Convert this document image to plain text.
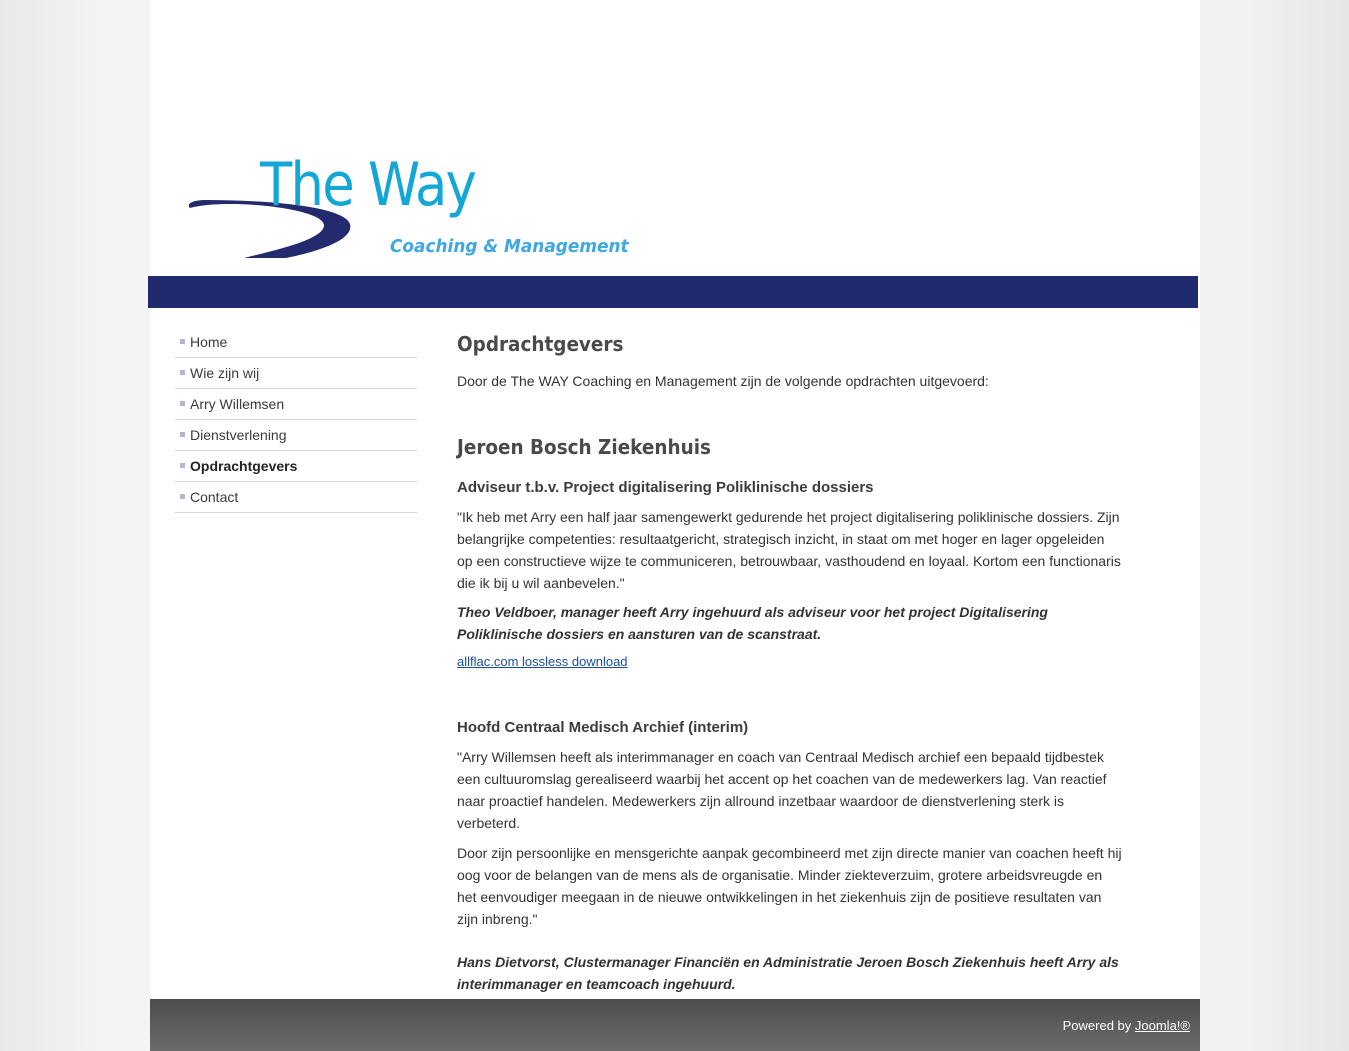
The Way
Coaching & Management
Home
Wie zijn wij
Arry Willemsen
Dienstverlening
Opdrachtgevers
Contact
Opdrachtgevers

Door de The WAY Coaching en Management zijn de volgende opdrachten uitgevoerd:

Jeroen Bosch Ziekenhuis
Adviseur t.b.v. Project digitalisering Poliklinische dossiers

"Ik heb met Arry een half jaar samengewerkt gedurende het project digitalisering poliklinische dossiers. Zijn belangrijke competenties: resultaatgericht, strategisch inzicht, in staat om met hoger en lager opgeleiden op een constructieve wijze te communiceren, betrouwbaar, vasthoudend en loyaal. Kortom een functionaris die ik bij u wil aanbevelen."

Theo Veldboer, manager heeft Arry ingehuurd als adviseur voor het project Digitalisering Poliklinische dossiers en aansturen van de scanstraat.

allflac.com lossless download

Hoofd Centraal Medisch Archief (interim)

"Arry Willemsen heeft als interimmanager en coach van Centraal Medisch archief een bepaald tijdbestek een cultuuromslag gerealiseerd waarbij het accent op het coachen van de medewerkers lag. Van reactief naar proactief handelen. Medewerkers zijn allround inzetbaar waardoor de dienstverlening sterk is verbeterd.

Door zijn persoonlijke en mensgerichte aanpak gecombineerd met zijn directe manier van coachen heeft hij oog voor de belangen van de mens als de organisatie. Minder ziekteverzuim, grotere arbeidsvreugde en het eenvoudiger meegaan in de nieuwe ontwikkelingen in het ziekenhuis zijn de positieve resultaten van zijn inbreng."

Hans Dietvorst, Clustermanager Financiën en Administratie Jeroen Bosch Ziekenhuis heeft Arry als interimmanager en teamcoach ingehuurd.

Powered by Joomla!®
